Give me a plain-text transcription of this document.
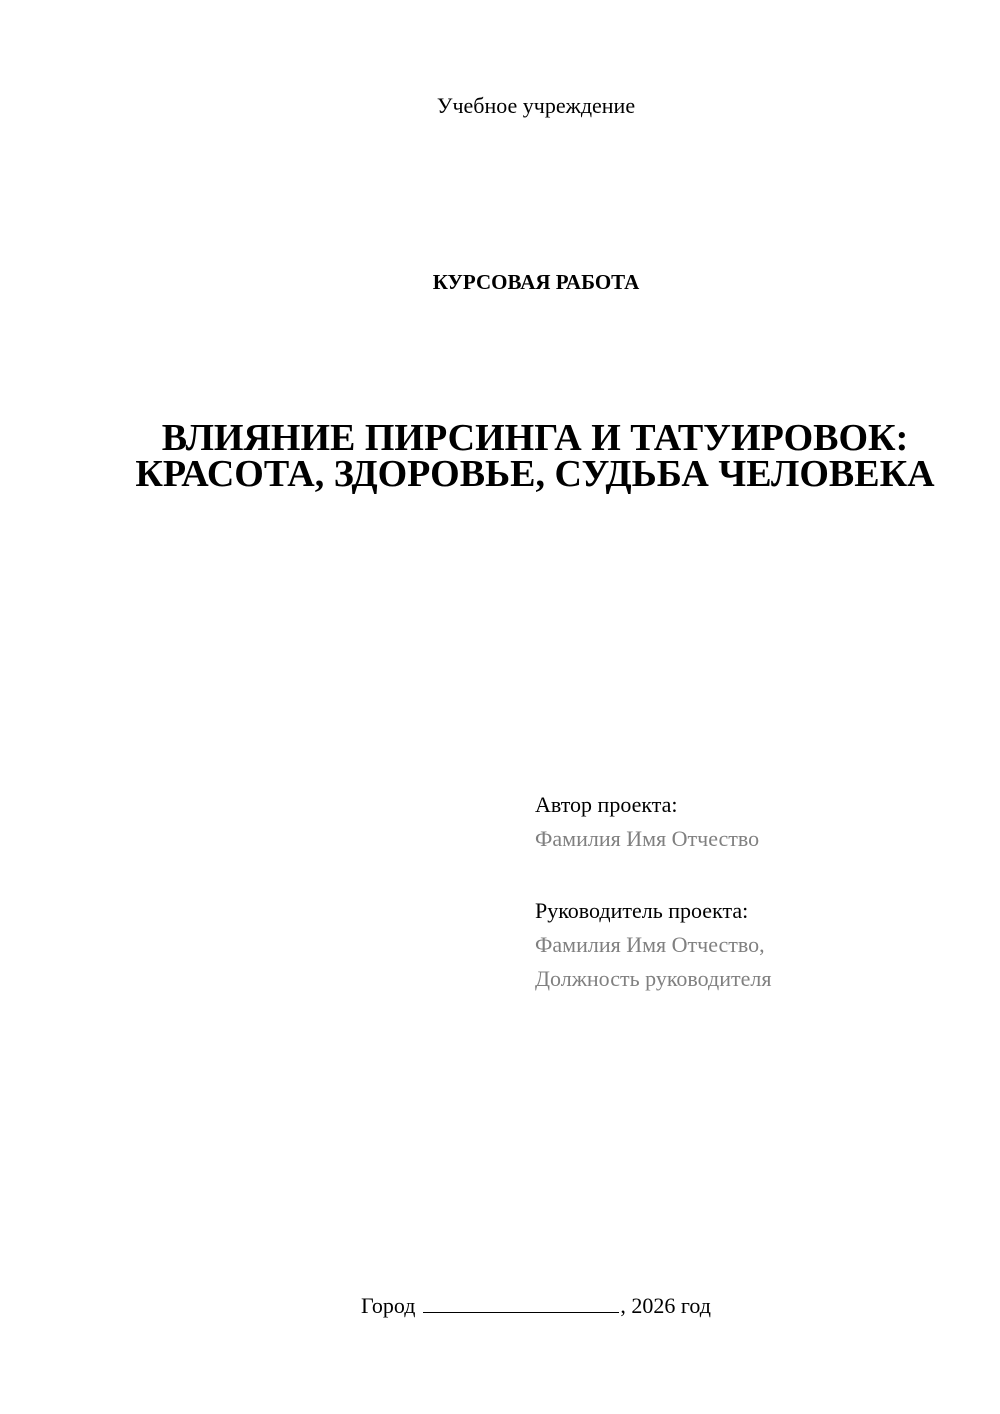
Учебное учреждение
КУРСОВАЯ РАБОТА
ВЛИЯНИЕ ПИРСИНГА И ТАТУИРОВОК: КРАСОТА, ЗДОРОВЬЕ, СУДЬБА ЧЕЛОВЕКА
Автор проекта:
Фамилия Имя Отчество
Руководитель проекта:
Фамилия Имя Отчество,
Должность руководителя
Город	, 2026 год
